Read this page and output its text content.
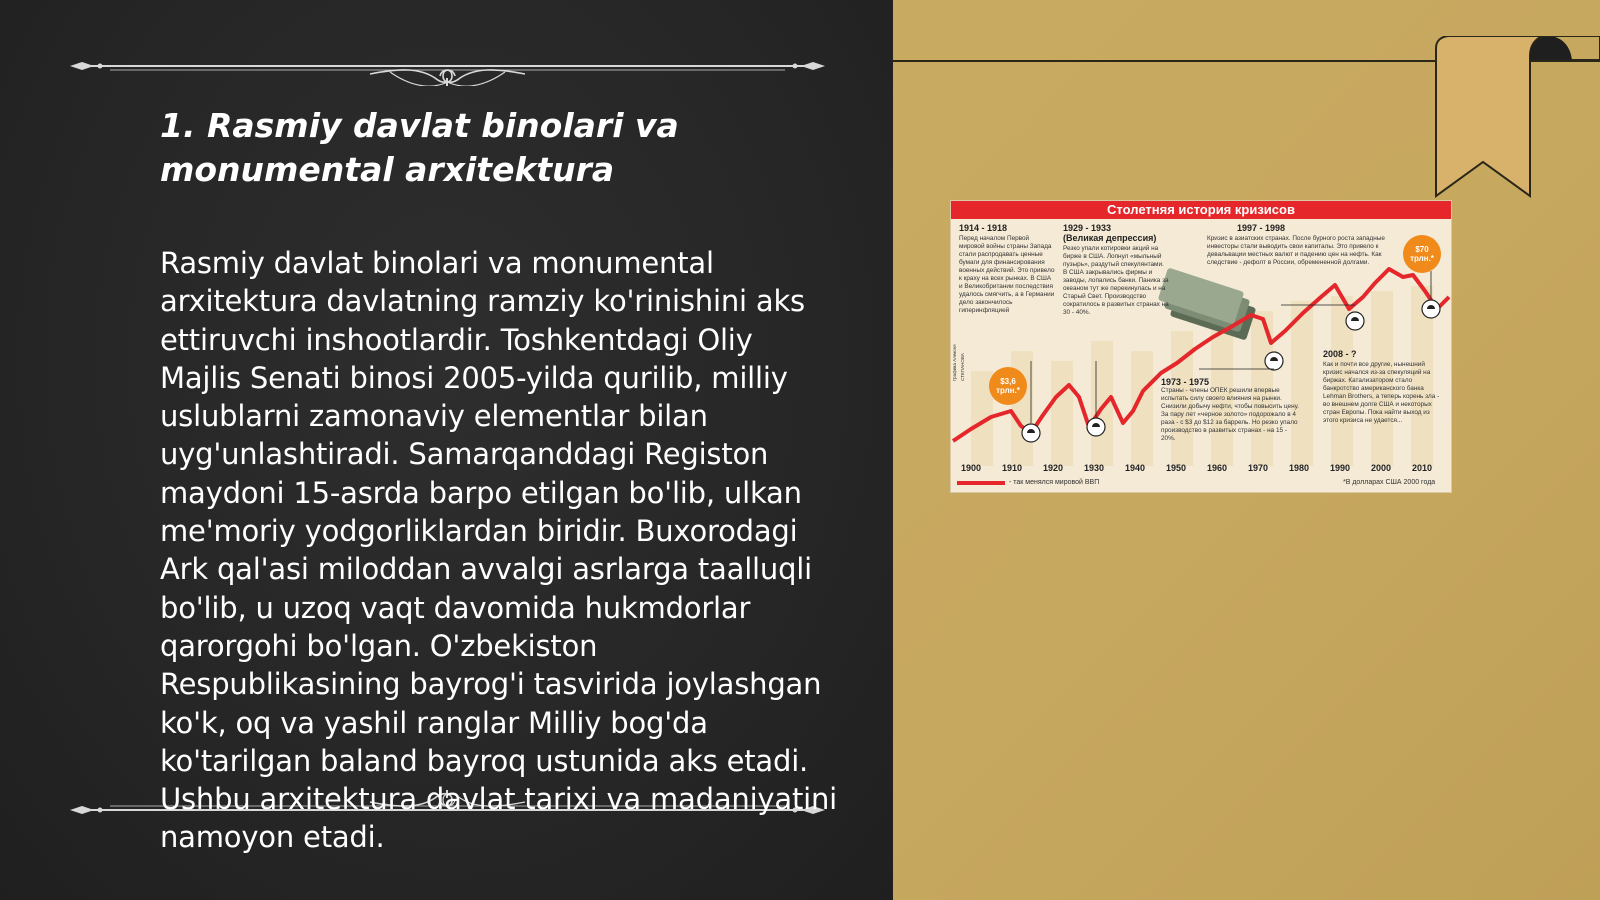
1. Rasmiy davlat binolari va monumental arxitektura

Rasmiy davlat binolari va monumental arxitektura davlatning ramziy ko'rinishini aks ettiruvchi inshootlardir. Toshkentdagi Oliy Majlis Senati binosi 2005-yilda qurilib, milliy uslublarni zamonaviy elementlar bilan uyg'unlashtiradi. Samarqanddagi Registon maydoni 15-asrda barpo etilgan bo'lib, ulkan me'moriy yodgorliklardan biridir. Buxorodagi Ark qal'asi miloddan avvalgi asrlarga taalluqli bo'lib, u uzoq vaqt davomida hukmdorlar qarorgohi bo'lgan. O'zbekiston Respublikasining bayrog'i tasvirida joylashgan ko'k, oq va yashil ranglar Milliy bog'da ko'tarilgan baland bayroq ustunida aks etadi. Ushbu arxitektura davlat tarixi va madaniyatini namoyon etadi.

Столетняя история кризисов
1914 - 1918
Перед началом Первой мировой войны страны Запада стали распродавать ценные бумаги для финансирования военных действий. Это привело к краху на всех рынках. В США и Великобритании последствия удалось смягчить, а в Германии дело закончилось гиперинфляцией
1929 - 1933
(Великая депрессия)
Резко упали котировки акций на бирже в США. Лопнул «мыльный пузырь», раздутый спекулянтами. В США закрывались фирмы и заводы, лопались банки. Паника за океаном тут же перекинулась и на Старый Свет. Производство сократилось в развитых странах на 30 - 40%.
1997 - 1998
Кризис в азиатских странах. После бурного роста западные инвесторы стали выводить свои капиталы. Это привело к девальвации местных валют и падению цен на нефть. Как следствие - дефолт в России, обремененной долгами.
1973 - 1975
Страны - члены ОПЕК решили впервые испытать силу своего влияния на рынки. Снизили добычу нефти, чтобы повысить цену. За пару лет «черное золото» подорожало в 4 раза - с $3 до $12 за баррель. Но резко упало производство в развитых странах - на 15 - 20%.
2008 - ?
Как и почти все другие, нынешний кризис начался из-за спекуляций на биржах. Катализатором стало банкротство американского банка Lehman Brothers, а теперь корень зла - во внешнем долге США и некоторых стран Европы. Пока найти выход из этого кризиса не удается...
$3,6 трлн.*
$70 трлн.*
Графика Алексея СТЕПАНОВА
1900 1910 1920 1930 1940 1950 1960 1970 1980 1990 2000 2010
- так менялся мировой ВВП	*В долларах США 2000 года
